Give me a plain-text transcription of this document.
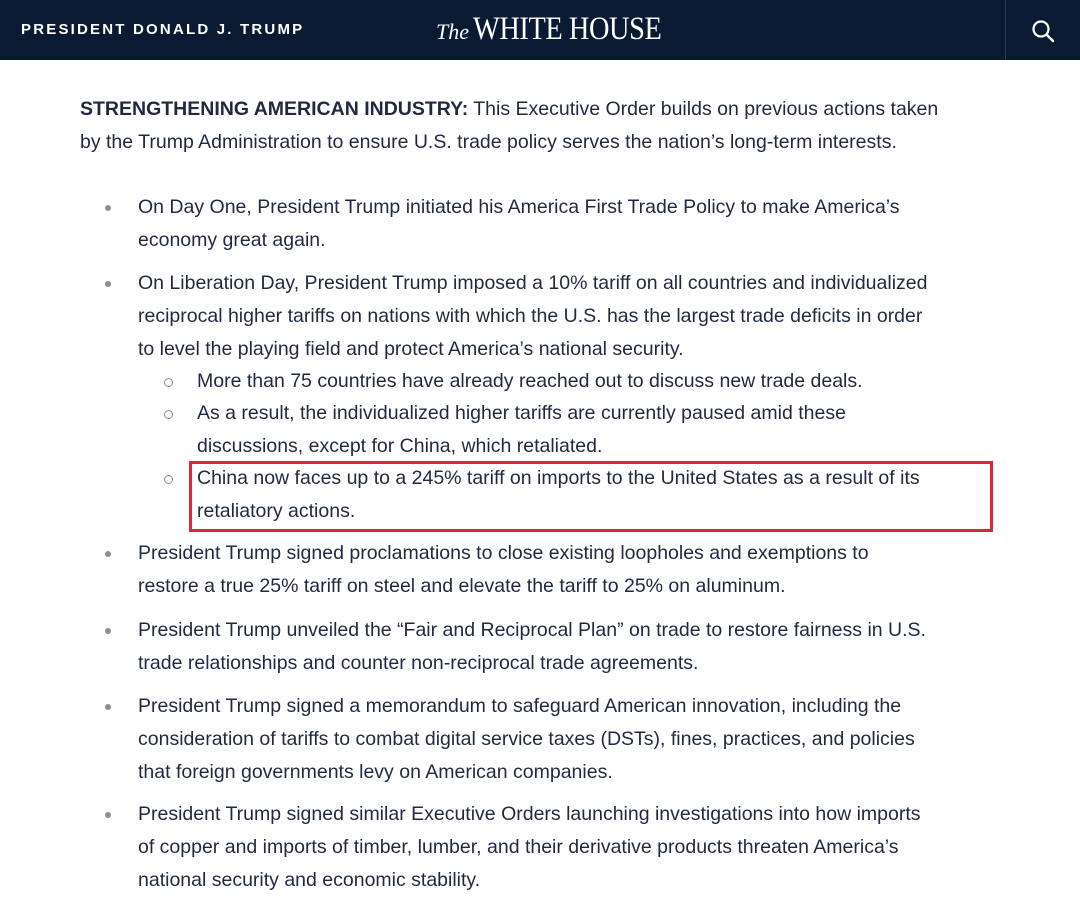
PRESIDENT DONALD J. TRUMP	The WHITE HOUSE
STRENGTHENING AMERICAN INDUSTRY: This Executive Order builds on previous actions taken
by the Trump Administration to ensure U.S. trade policy serves the nation’s long-term interests.
On Day One, President Trump initiated his America First Trade Policy to make America’s
economy great again.
On Liberation Day, President Trump imposed a 10% tariff on all countries and individualized
reciprocal higher tariffs on nations with which the U.S. has the largest trade deficits in order
to level the playing field and protect America’s national security.
More than 75 countries have already reached out to discuss new trade deals.
As a result, the individualized higher tariffs are currently paused amid these
discussions, except for China, which retaliated.
China now faces up to a 245% tariff on imports to the United States as a result of its
retaliatory actions.
President Trump signed proclamations to close existing loopholes and exemptions to
restore a true 25% tariff on steel and elevate the tariff to 25% on aluminum.
President Trump unveiled the “Fair and Reciprocal Plan” on trade to restore fairness in U.S.
trade relationships and counter non-reciprocal trade agreements.
President Trump signed a memorandum to safeguard American innovation, including the
consideration of tariffs to combat digital service taxes (DSTs), fines, practices, and policies
that foreign governments levy on American companies.
President Trump signed similar Executive Orders launching investigations into how imports
of copper and imports of timber, lumber, and their derivative products threaten America’s
national security and economic stability.
